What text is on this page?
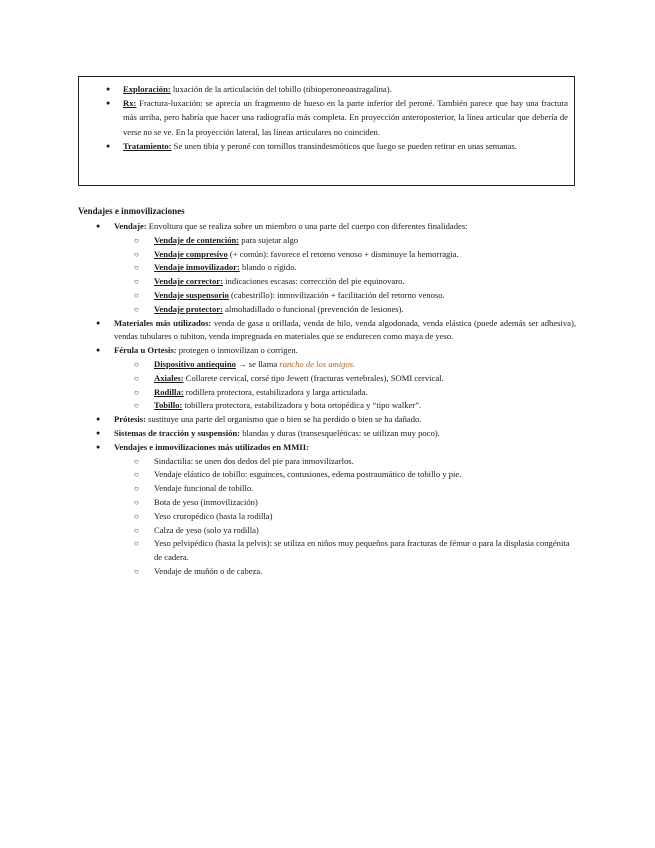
● Exploración: luxación de la articulación del tobillo (tibioperoneoastragalina).
● Rx: Fractura-luxación: se aprecia un fragmento de hueso en la parte inferior del peroné. También parece que hay una fractura más arriba, pero habría que hacer una radiografía más completa. En proyección anteroposterior, la línea articular que debería de verse no se ve. En la proyección lateral, las líneas articulares no coinciden.
● Tratamiento: Se unen tibia y peroné con tornillos transindesmóticos que luego se pueden retirar en unas semanas.
Vendajes e inmovilizaciones
● Vendaje: Envoltura que se realiza sobre un miembro o una parte del cuerpo con diferentes finalidades:
○ Vendaje de contención: para sujetar algo
○ Vendaje compresivo (+ común): favorece el retorno venoso + disminuye la hemorragia.
○ Vendaje inmovilizador: blando o rígido.
○ Vendaje corrector: indicaciones escasas: corrección del pie equinovaro.
○ Vendaje suspensorio (cabestrillo): inmovilización + facilitación del retorno venoso.
○ Vendaje protector: almohadillado o funcional (prevención de lesiones).
● Materiales más utilizados: venda de gasa u orillada, venda de hilo, venda algodonada, venda elástica (puede además ser adhesiva), vendas tubulares o tubiton, venda impregnada en materiales que se endurecen como maya de yeso.
● Férula u Ortesis: protegen o inmovilizan o corrigen.
○ Dispositivo antiequino → se llama rancho de los amigos.
○ Axiales: Collarete cervical, corsé tipo Jewett (fracturas vertebrales), SOMI cervical.
○ Rodilla: rodillera protectora, estabilizadora y larga articulada.
○ Tobillo: tobillera protectora, estabilizadora y bota ortopédica y “tipo walker”.
● Prótesis: sustituye una parte del organismo que o bien se ha perdido o bien se ha dañado.
● Sistemas de tracción y suspensión: blandas y duras (transesqueléticas: se utilizan muy poco).
● Vendajes e inmovilizaciones más utilizados en MMII:
○ Sindactilia: se unen dos dedos del pie para inmovilizarlos.
○ Vendaje elástico de tobillo: esguinces, contusiones, edema postraumático de tobillo y pie.
○ Vendaje funcional de tobillo.
○ Bota de yeso (inmovilización)
○ Yeso cruropédico (hasta la rodilla)
○ Calza de yeso (solo ya rodilla)
○ Yeso pelvipédico (hasta la pelvis): se utiliza en niños muy pequeños para fracturas de fémur o para la displasia congénita de cadera.
○ Vendaje de muñón o de cabeza.
